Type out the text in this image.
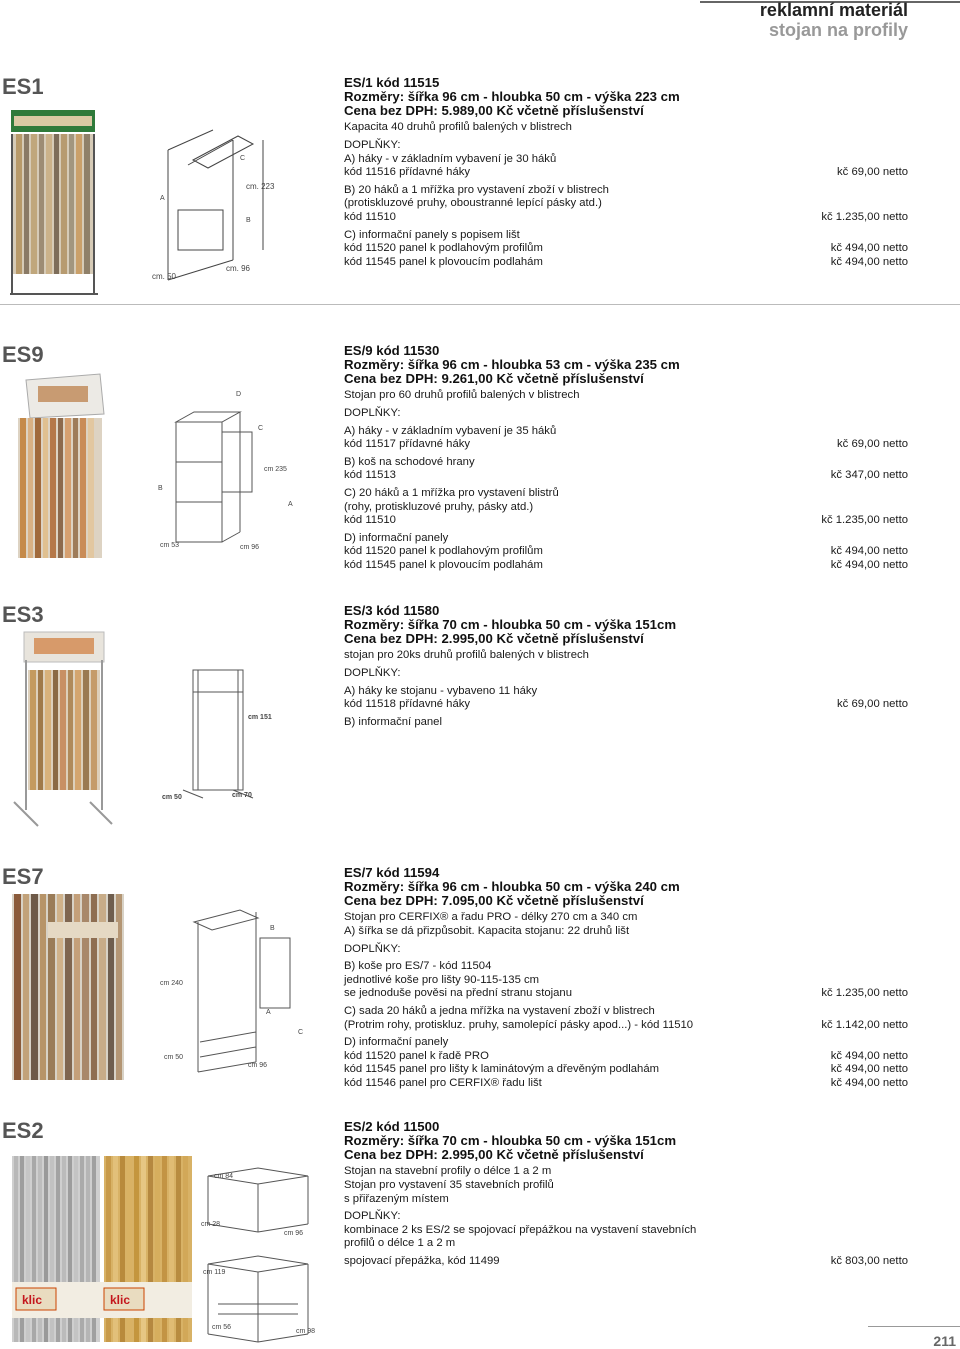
reklamní materiál
stojan na profily
ES1
A
C
B
cm. 223
cm. 50
cm. 96
ES/1 kód 11515
Rozměry: šířka 96 cm - hloubka 50 cm - výška 223 cm
Cena bez DPH: 5.989,00 Kč včetně příslušenství
Kapacita 40 druhů profilů balených v blistrech
DOPLŇKY:
A) háky - v základním vybavení je 30 háků
kód 11516 přídavné háky	kč 69,00 netto
B) 20 háků a 1 mřížka pro vystavení zboží v blistrech
(protiskluzové pruhy, oboustranné lepící pásky atd.)
kód 11510	kč 1.235,00 netto
C) informační panely s popisem lišt
kód 11520 panel k podlahovým profilům	kč 494,00 netto
kód 11545 panel k plovoucím podlahám	kč 494,00 netto
ES9
B
D
C
A
cm 235
cm 53	cm 96
ES/9 kód 11530
Rozměry: šířka 96 cm - hloubka 53 cm - výška 235 cm
Cena bez DPH: 9.261,00 Kč včetně příslušenství
Stojan pro 60 druhů profilů balených v blistrech
DOPLŇKY:
A) háky - v základním vybavení je 35 háků
kód 11517 přídavné háky	kč 69,00 netto
B) koš na schodové hrany
kód 11513	kč 347,00 netto
C) 20 háků a 1 mřížka pro vystavení blistrů
(rohy, protiskluzové pruhy, pásky atd.)
kód 11510	kč 1.235,00 netto
D) informační panely
kód 11520 panel k podlahovým profilům	kč 494,00 netto
kód 11545 panel k plovoucím podlahám	kč 494,00 netto
ES3
cm 151
cm 50	cm 70
ES/3 kód 11580
Rozměry: šířka 70 cm - hloubka 50 cm - výška 151cm
Cena bez DPH: 2.995,00 Kč včetně příslušenství
stojan pro 20ks druhů profilů balených v blistrech
DOPLŇKY:
A) háky ke stojanu - vybaveno 11 háky
kód 11518 přídavné háky	kč 69,00 netto
B) informační panel
ES7
A
B
C
cm 240
cm 50
cm 96
ES/7 kód 11594
Rozměry: šířka 96 cm - hloubka 50 cm - výška 240 cm
Cena bez DPH: 7.095,00 Kč včetně příslušenství
Stojan pro CERFIX® a řadu PRO - délky 270 cm a 340 cm
A) šířka se dá přizpůsobit. Kapacita stojanu: 22 druhů lišt
DOPLŇKY:
B) koše pro ES/7 - kód 11504
jednotlivé koše pro lišty 90-115-135 cm
se jednoduše pověsi na přední stranu stojanu	kč 1.235,00 netto
C) sada 20 háků a jedna mřížka na vystavení zboží v blistrech
(Protrim rohy, protiskluz. pruhy, samolepící pásky apod...) - kód 11510	kč 1.142,00 netto
D) informační panely
kód 11520 panel k řadě PRO	kč 494,00 netto
kód 11545 panel pro lišty k laminátovým a dřevěným podlahám	kč 494,00 netto
kód 11546 panel pro CERFIX® řadu lišt	kč 494,00 netto
ES2
klic	klic
cm 84
cm 28
cm 96
cm 119
cm 56
cm 98
ES/2 kód 11500
Rozměry: šířka 70 cm - hloubka 50 cm - výška 151cm
Cena bez DPH: 2.995,00 Kč včetně příslušenství
Stojan na stavební profily o délce 1 a 2 m
Stojan pro vystavení 35 stavebních profilů
s přiřazeným místem
DOPLŇKY:
kombinace 2 ks ES/2 se spojovací přepážkou na vystavení stavebních
profilů o délce 1 a 2 m
spojovací přepážka, kód 11499	kč 803,00 netto
211
